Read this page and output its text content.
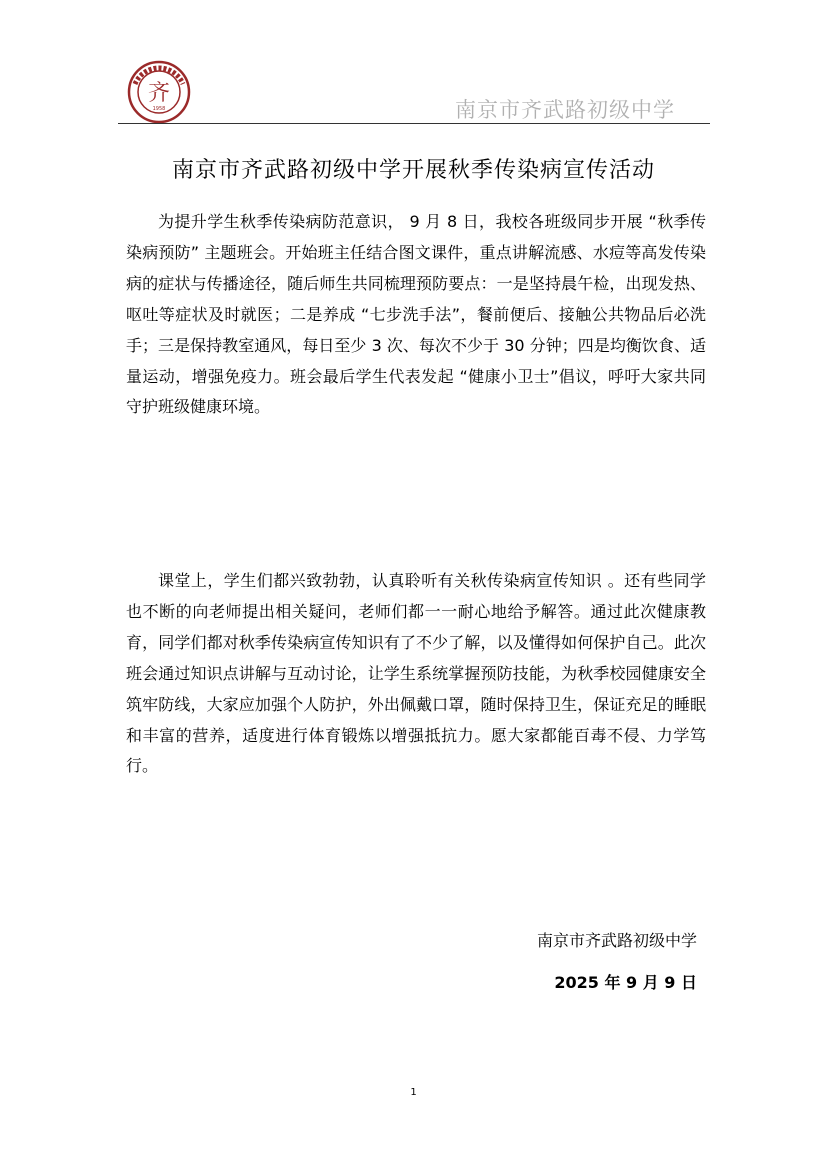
齐
1958	南京市齐武路初级中学
南京市齐武路初级中学开展秋季传染病宣传活动

为提升学生秋季传染病防范意识， 9 月 8 日，我校各班级同步开展 “秋季传染病预防” 主题班会。开始班主任结合图文课件，重点讲解流感、水痘等高发传染病的症状与传播途径，随后师生共同梳理预防要点：一是坚持晨午检，出现发热、呕吐等症状及时就医；二是养成 “七步洗手法”，餐前便后、接触公共物品后必洗手；三是保持教室通风，每日至少 3 次、每次不少于 30 分钟；四是均衡饮食、适量运动，增强免疫力。班会最后学生代表发起 “健康小卫士”倡议，呼吁大家共同守护班级健康环境。

课堂上，学生们都兴致勃勃，认真聆听有关秋传染病宣传知识 。还有些同学也不断的向老师提出相关疑问，老师们都一一耐心地给予解答。通过此次健康教育，同学们都对秋季传染病宣传知识有了不少了解，以及懂得如何保护自己。此次班会通过知识点讲解与互动讨论，让学生系统掌握预防技能，为秋季校园健康安全筑牢防线，大家应加强个人防护，外出佩戴口罩，随时保持卫生，保证充足的睡眠和丰富的营养，适度进行体育锻炼以增强抵抗力。愿大家都能百毒不侵、力学笃行。

南京市齐武路初级中学
2025 年 9 月 9 日
1
